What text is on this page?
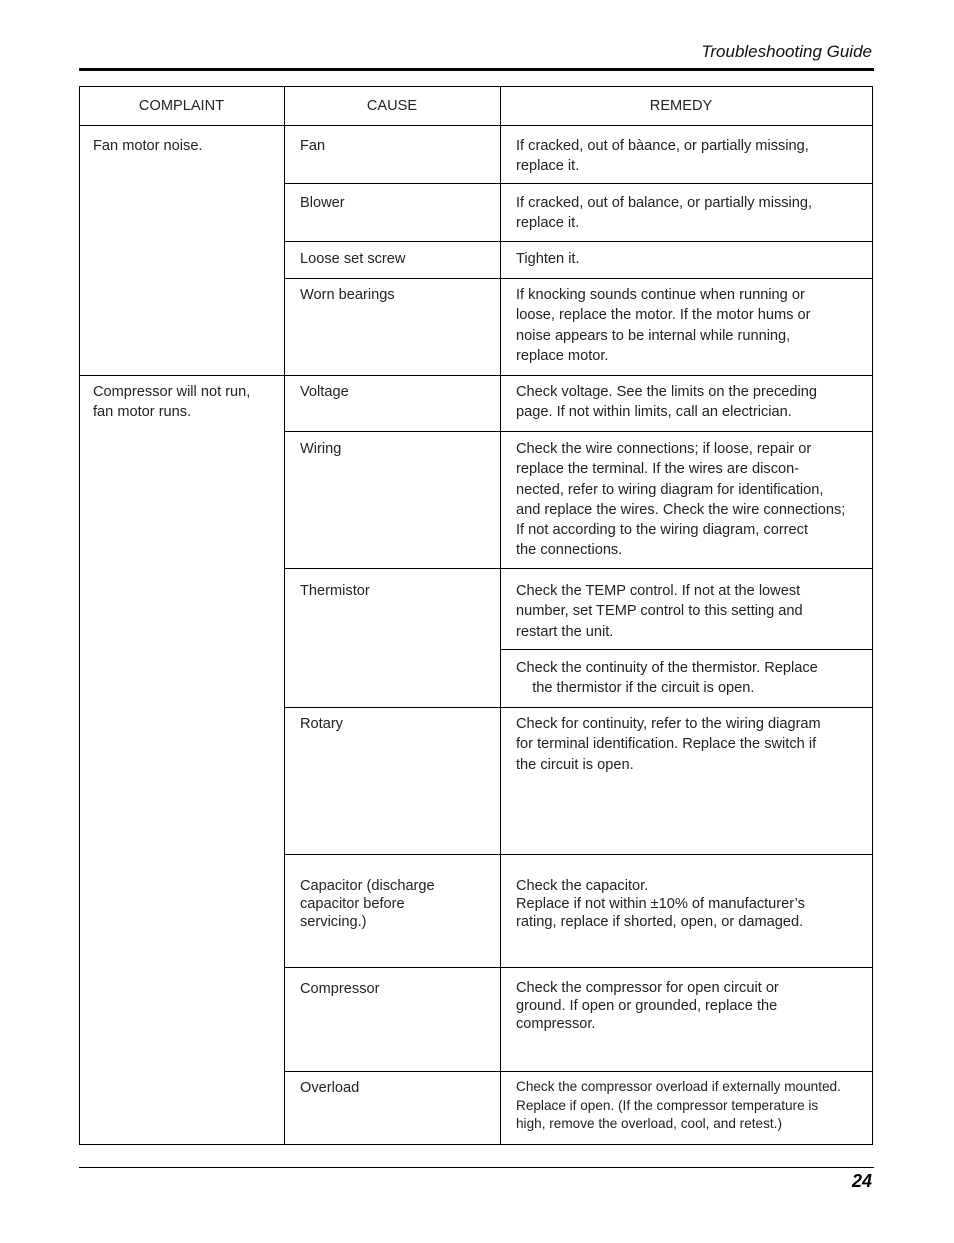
Troubleshooting Guide
COMPLAINT	CAUSE	REMEDY
Fan motor noise.
Compressor will not run,
fan motor runs.
Fan
Blower
Loose set screw
Worn bearings
Voltage
Wiring
Thermistor
Rotary
Capacitor (discharge
capacitor before
servicing.)
Compressor
Overload
If cracked, out of bàance, or partially missing,
replace it.
If cracked, out of balance, or partially missing,
replace it.
Tighten it.
If knocking sounds continue when running or
loose, replace the motor. If the motor hums or
noise appears to be internal while running,
replace motor.
Check voltage. See the limits on the preceding
page. If not within limits, call an electrician.
Check the wire connections; if loose, repair or
replace the terminal. If the wires are discon-
nected, refer to wiring diagram for identification,
and replace the wires. Check the wire connections;
If not according to the wiring diagram, correct
the connections.
Check the TEMP control. If not at the lowest
number, set TEMP control to this setting and
restart the unit.
Check the continuity of the thermistor. Replace
the thermistor if the circuit is open.
Check for continuity, refer to the wiring diagram
for terminal identification. Replace the switch if
the circuit is open.
Check the capacitor.
Replace if not within ±10% of manufacturer’s
rating, replace if shorted, open, or damaged.
Check the compressor for open circuit or
ground. If open or grounded, replace the
compressor.
Check the compressor overload if externally mounted.
Replace if open. (If the compressor temperature is
high, remove the overload, cool, and retest.)
24
